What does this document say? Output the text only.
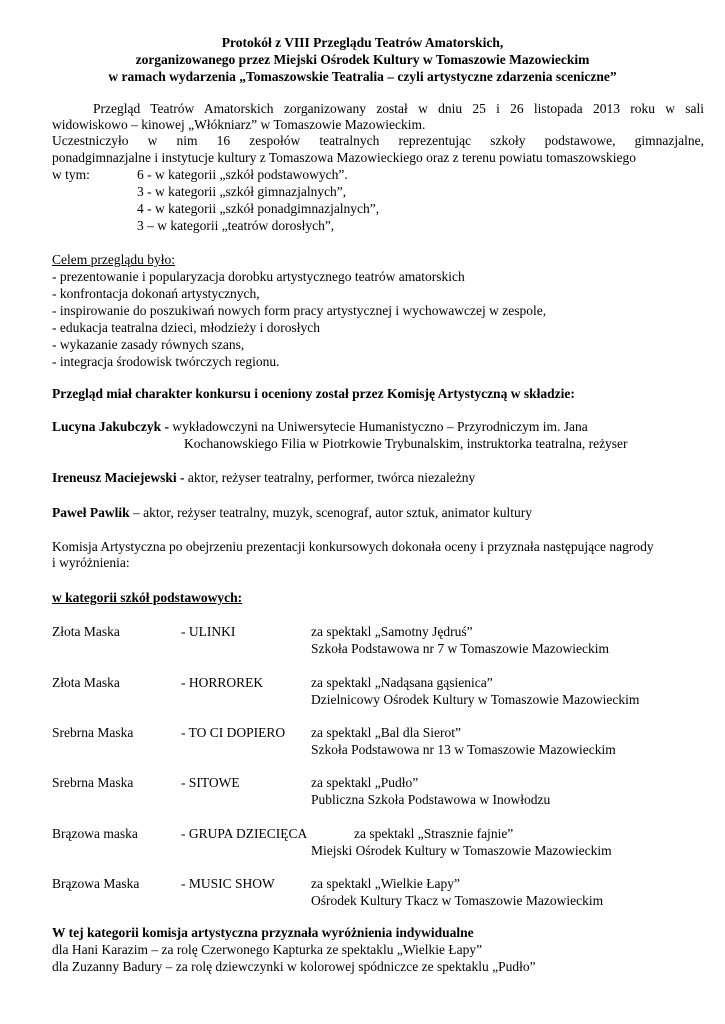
Protokół z VIII Przeglądu Teatrów Amatorskich,
zorganizowanego przez Miejski Ośrodek Kultury w Tomaszowie Mazowieckim
w ramach wydarzenia „Tomaszowskie Teatralia – czyli artystyczne zdarzenia sceniczne”
Przegląd Teatrów Amatorskich zorganizowany został w dniu 25 i 26 listopada 2013 roku w sali
widowiskowo – kinowej „Włókniarz” w Tomaszowie Mazowieckim.
Uczestniczyło w nim 16 zespołów teatralnych reprezentując szkoły podstawowe, gimnazjalne,
ponadgimnazjalne i instytucje kultury z Tomaszowa Mazowieckiego oraz z terenu powiatu tomaszowskiego
w tym:	6 - w kategorii „szkół podstawowych”.
3 - w kategorii „szkół gimnazjalnych”,
4 - w kategorii „szkół ponadgimnazjalnych”,
3 – w kategorii „teatrów dorosłych”,
Celem przeglądu było:
- prezentowanie i popularyzacja dorobku artystycznego teatrów amatorskich
- konfrontacja dokonań artystycznych,
- inspirowanie do poszukiwań nowych form pracy artystycznej i wychowawczej w zespole,
- edukacja teatralna dzieci, młodzieży i dorosłych
- wykazanie zasady równych szans,
- integracja środowisk twórczych regionu.
Przegląd miał charakter konkursu i oceniony został przez Komisję Artystyczną w składzie:
Lucyna Jakubczyk - wykładowczyni na Uniwersytecie Humanistyczno – Przyrodniczym im. Jana
Kochanowskiego Filia w Piotrkowie Trybunalskim, instruktorka teatralna, reżyser
Ireneusz Maciejewski - aktor, reżyser teatralny, performer, twórca niezależny
Paweł Pawlik – aktor, reżyser teatralny, muzyk, scenograf, autor sztuk, animator kultury
Komisja Artystyczna po obejrzeniu prezentacji konkursowych dokonała oceny i przyznała następujące nagrody
i wyróżnienia:
w kategorii szkół podstawowych:
Złota Maska	- ULINKI	za spektakl „Samotny Jędruś”
Szkoła Podstawowa nr 7 w Tomaszowie Mazowieckim
Złota Maska	- HORROREK	za spektakl „Nadąsana gąsienica”
Dzielnicowy Ośrodek Kultury w Tomaszowie Mazowieckim
Srebrna Maska	- TO CI DOPIERO za spektakl „Bal dla Sierot”
Szkoła Podstawowa nr 13 w Tomaszowie Mazowieckim
Srebrna Maska	- SITOWE	za spektakl „Pudło”
Publiczna Szkoła Podstawowa w Inowłodzu
Brązowa maska	- GRUPA DZIECIĘCA	za spektakl „Strasznie fajnie”
Miejski Ośrodek Kultury w Tomaszowie Mazowieckim
Brązowa Maska	- MUSIC SHOW	za spektakl „Wielkie Łapy”
Ośrodek Kultury Tkacz w Tomaszowie Mazowieckim
W tej kategorii komisja artystyczna przyznała wyróżnienia indywidualne
dla Hani Karazim – za rolę Czerwonego Kapturka ze spektaklu „Wielkie Łapy”
dla Zuzanny Badury – za rolę dziewczynki w kolorowej spódniczce ze spektaklu „Pudło”
